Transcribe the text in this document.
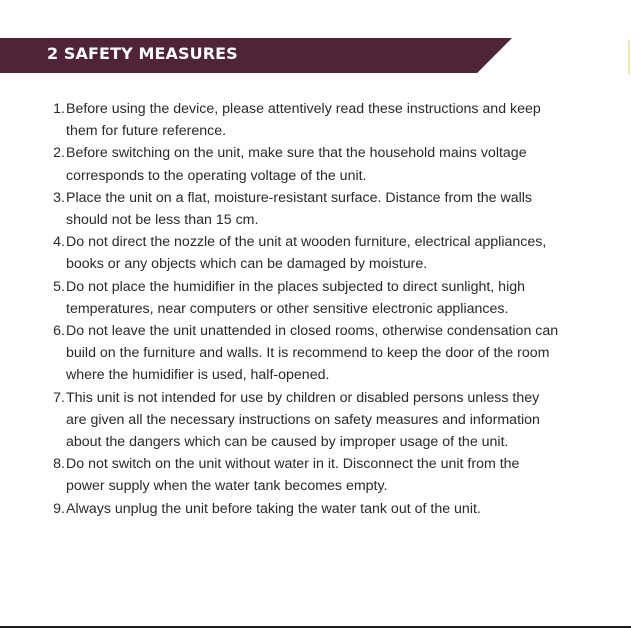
2 SAFETY MEASURES
1. Before using the device, please attentively read these instructions and keep
them for future reference.
2. Before switching on the unit, make sure that the household mains voltage
corresponds to the operating voltage of the unit.
3. Place the unit on a flat, moisture-resistant surface. Distance from the walls
should not be less than 15 cm.
4. Do not direct the nozzle of the unit at wooden furniture, electrical appliances,
books or any objects which can be damaged by moisture.
5. Do not place the humidifier in the places subjected to direct sunlight, high
temperatures, near computers or other sensitive electronic appliances.
6. Do not leave the unit unattended in closed rooms, otherwise condensation can
build on the furniture and walls. It is recommend to keep the door of the room
where the humidifier is used, half-opened.
7. This unit is not intended for use by children or disabled persons unless they
are given all the necessary instructions on safety measures and information
about the dangers which can be caused by improper usage of the unit.
8. Do not switch on the unit without water in it. Disconnect the unit from the
power supply when the water tank becomes empty.
9. Always unplug the unit before taking the water tank out of the unit.
